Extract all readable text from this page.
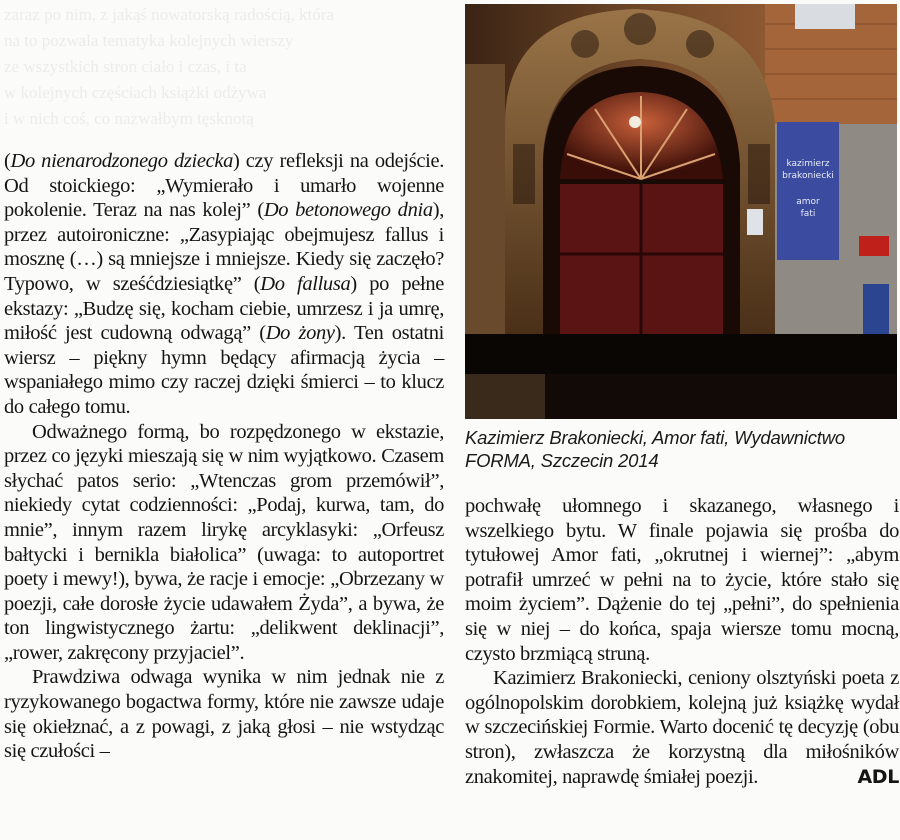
zaraz po nim, z jakąś nowatorską radością, która

na to pozwala tematyka kolejnych wierszy

ze wszystkich stron ciało i czas, i ta

w kolejnych częściach książki odżywa

i w nich coś, co nazwałbym tęsknotą

(Do nienarodzonego dziecka) czy refleksji na odejście. Od stoickiego: „Wymierało i umarło wojenne pokolenie. Teraz na nas kolej” (Do betonowego dnia), przez autoironiczne: „Zasypiając obejmujesz fallus i mosznę (…) są mniejsze i mniejsze. Kiedy się zaczęło? Typowo, w sześćdziesiątkę” (Do fallusa) po pełne ekstazy: „Budzę się, kocham ciebie, umrzesz i ja umrę, miłość jest cudowną odwagą” (Do żony). Ten ostatni wiersz – piękny hymn będący afirmacją życia – wspaniałego mimo czy raczej dzięki śmierci – to klucz do całego tomu.

Odważnego formą, bo rozpędzonego w ekstazie, przez co języki mieszają się w nim wyjątkowo. Czasem słychać patos serio: „Wtenczas grom przemówił”, niekiedy cytat codzienności: „Podaj, kurwa, tam, do mnie”, innym razem lirykę arcyklasyki: „Orfeusz bałtycki i bernikla białolica” (uwaga: to autoportret poety i mewy!), bywa, że racje i emocje: „Obrzezany w poezji, całe dorosłe życie udawałem Żyda”, a bywa, że ton lingwistycznego żartu: „delikwent deklinacji”, „rower, zakręcony przyjaciel”.

Prawdziwa odwaga wynika w nim jednak nie z ryzykowanego bogactwa formy, które nie zawsze udaje się okiełznać, a z powagi, z jaką głosi – nie wstydząc się czułości –

kazimierz
brakoniecki
amor
fati
Kazimierz Brakoniecki, Amor fati, Wydawnictwo FORMA, Szczecin 2014

pochwałę ułomnego i skazanego, własnego i wszelkiego bytu. W finale pojawia się prośba do tytułowej Amor fati, „okrutnej i wiernej”: „abym potrafił umrzeć w pełni na to życie, które stało się moim życiem”. Dążenie do tej „pełni”, do spełnienia się w niej – do końca, spaja wiersze tomu mocną, czysto brzmiącą struną.

Kazimierz Brakoniecki, ceniony olsztyński poeta z ogólnopolskim dorobkiem, kolejną już książkę wydał w szczecińskiej Formie. Warto docenić tę decyzję (obu stron), zwłaszcza że korzystną dla miłośników znakomitej, naprawdę śmiałej poezji.	ADL
